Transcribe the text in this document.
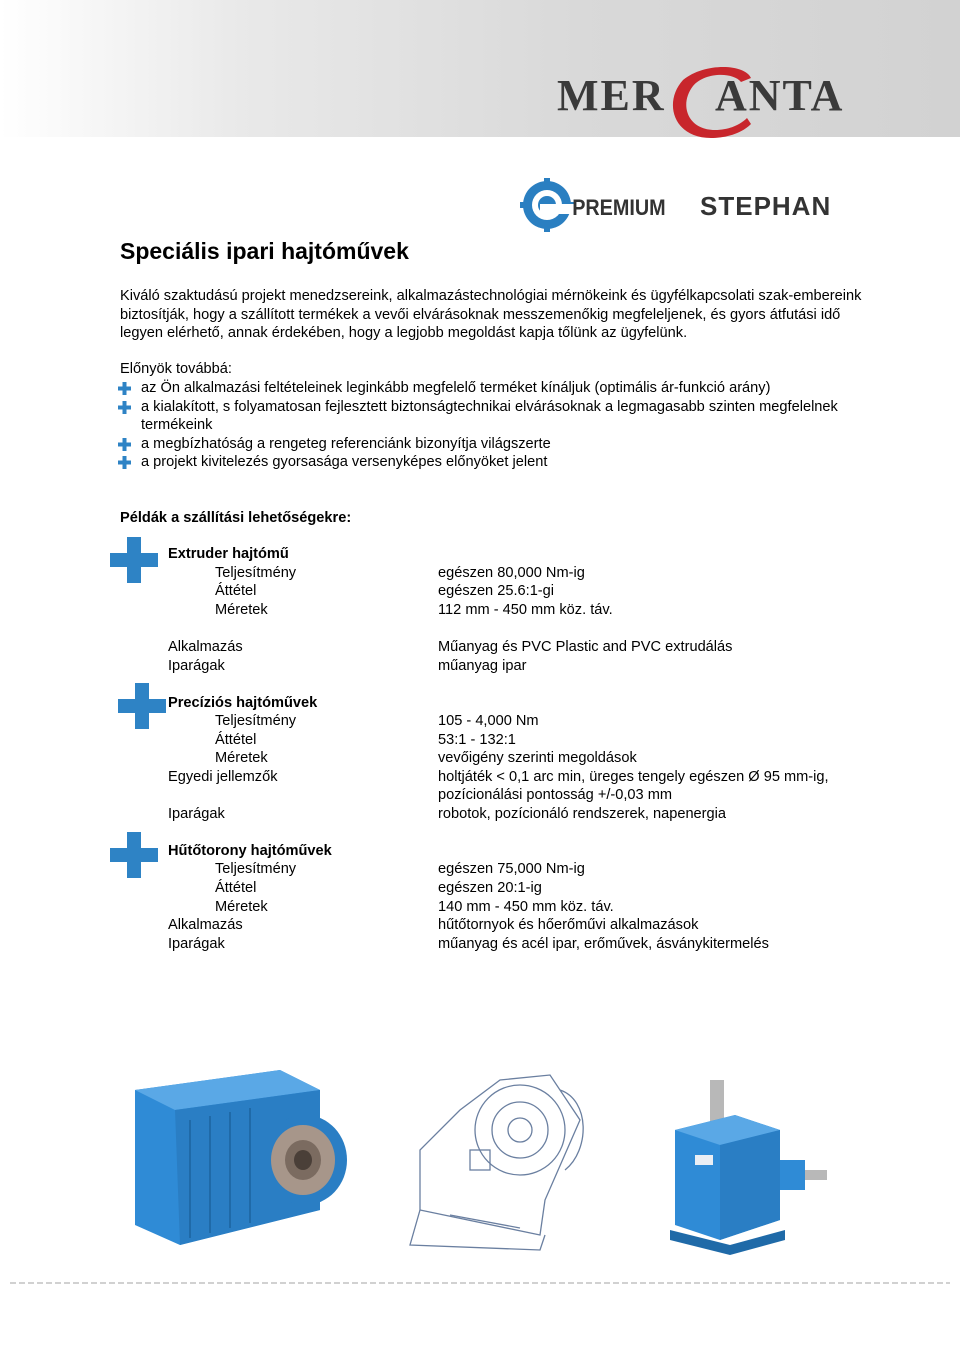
MER ANTA
PREMIUM STEPHAN
Speciális ipari hajtóművek

Kiváló szaktudású projekt menedzsereink, alkalmazástechnológiai mérnökeink és ügyfélkapcsolati szak-embereink biztosítják, hogy a szállított termékek a vevői elvárásoknak messzemenőkig megfeleljenek, és gyors átfutási idő legyen elérhető, annak érdekében, hogy a legjobb megoldást kapja tőlünk az ügyfelünk.

Előnyök továbbá:
az Ön alkalmazási feltételeinek leginkább megfelelő terméket kínáljuk (optimális ár-funkció arány)
a kialakított, s folyamatosan fejlesztett biztonságtechnikai elvárásoknak a legmagasabb szinten megfelelnek termékeink
a megbízhatóság a rengeteg referenciánk bizonyítja világszerte
a projekt kivitelezés gyorsasága versenyképes előnyöket jelent
Példák a szállítási lehetőségekre:
Extruder hajtómű
Teljesítmény	egészen 80,000 Nm-ig
Áttétel	egészen 25.6:1-gi
Méretek	112 mm - 450 mm köz. táv.
Alkalmazás	Műanyag és PVC Plastic and PVC extrudálás
Iparágak	műanyag ipar
Precíziós hajtóművek
Teljesítmény	105 - 4,000 Nm
Áttétel	53:1 - 132:1
Méretek	vevőigény szerinti megoldások
Egyedi jellemzők	holtjáték < 0,1 arc min, üreges tengely egészen Ø 95 mm-ig,
pozícionálási pontosság +/-0,03 mm
Iparágak	robotok, pozícionáló rendszerek, napenergia
Hűtőtorony hajtóművek
Teljesítmény	egészen 75,000 Nm-ig
Áttétel	egészen 20:1-ig
Méretek	140 mm - 450 mm köz. táv.
Alkalmazás	hűtőtornyok és hőerőművi alkalmazások
Iparágak	műanyag és acél ipar, erőművek, ásványkitermelés
